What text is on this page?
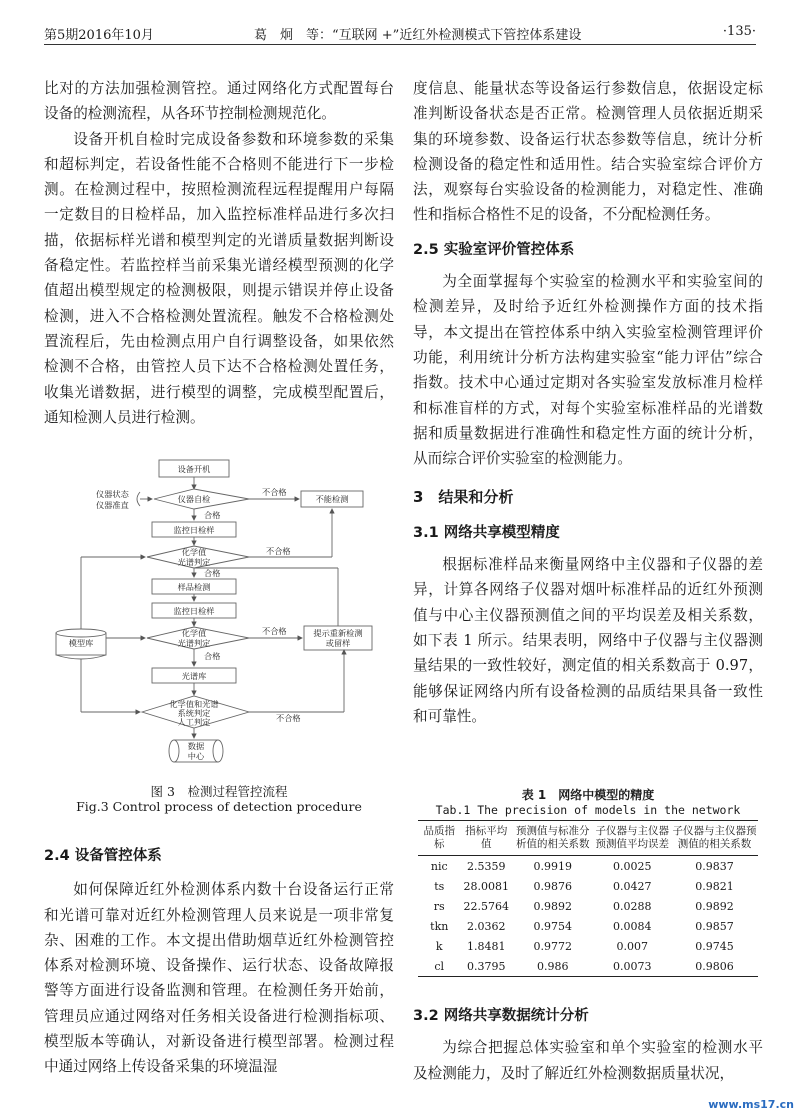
第5期2016年10月	葛　炯　等：“互联网 +”近红外检测模式下管控体系建设	·135·

比对的方法加强检测管控。通过网络化方式配置每台设备的检测流程，从各环节控制检测规范化。

设备开机自检时完成设备参数和环境参数的采集和超标判定，若设备性能不合格则不能进行下一步检测。在检测过程中，按照检测流程远程提醒用户每隔一定数目的日检样品，加入监控标准样品进行多次扫描，依据标样光谱和模型判定的光谱质量数据判断设备稳定性。若监控样当前采集光谱经模型预测的化学值超出模型规定的检测极限，则提示错误并停止设备检测，进入不合格检测处置流程。触发不合格检测处置流程后，先由检测点用户自行调整设备，如果依然检测不合格，由管控人员下达不合格检测处置任务，收集光谱数据，进行模型的调整，完成模型配置后，通知检测人员进行检测。

设备开机
仪器自检
仪器状态
仪器准直
不能检测
不合格
合格
监控日检样
化学值
光谱判定
不合格
合格
样品检测
监控日检样
化学值
光谱判定
不合格	提示重新检测
或留样
合格
模型库
光谱库
化学值和光谱
系统判定
人工判定	不合格
数据
中心
图 3　检测过程管控流程
Fig.3 Control process of detection procedure

2.4 设备管控体系

如何保障近红外检测体系内数十台设备运行正常和光谱可靠对近红外检测管理人员来说是一项非常复杂、困难的工作。本文提出借助烟草近红外检测管控体系对检测环境、设备操作、运行状态、设备故障报警等方面进行设备监测和管理。在检测任务开始前，管理员应通过网络对任务相关设备进行检测指标项、模型版本等确认，对新设备进行模型部署。检测过程中通过网络上传设备采集的环境温湿

度信息、能量状态等设备运行参数信息，依据设定标准判断设备状态是否正常。检测管理人员依据近期采集的环境参数、设备运行状态参数等信息，统计分析检测设备的稳定性和适用性。结合实验室综合评价方法，观察每台实验设备的检测能力，对稳定性、准确性和指标合格性不足的设备，不分配检测任务。

2.5 实验室评价管控体系

为全面掌握每个实验室的检测水平和实验室间的检测差异，及时给予近红外检测操作方面的技术指导，本文提出在管控体系中纳入实验室检测管理评价功能，利用统计分析方法构建实验室“能力评估”综合指数。技术中心通过定期对各实验室发放标准月检样和标准盲样的方式，对每个实验室标准样品的光谱数据和质量数据进行准确性和稳定性方面的统计分析，从而综合评价实验室的检测能力。

3　结果和分析

3.1 网络共享模型精度

根据标准样品来衡量网络中主仪器和子仪器的差异，计算各网络子仪器对烟叶标准样品的近红外预测值与中心主仪器预测值之间的平均误差及相关系数，如下表 1 所示。结果表明，网络中子仪器与主仪器测量结果的一致性较好，测定值的相关系数高于 0.97，能够保证网络内所有设备检测的品质结果具备一致性和可靠性。

表 1　网络中模型的精度
Tab.1 The precision of models in the network
品质指标	指标平均值	预测值与标准分析值的相关系数	子仪器与主仪器预测值平均误差	子仪器与主仪器预测值的相关系数
nic	2.5359	0.9919	0.0025	0.9837
ts	28.0081	0.9876	0.0427	0.9821
rs	22.5764	0.9892	0.0288	0.9892
tkn	2.0362	0.9754	0.0084	0.9857
k	1.8481	0.9772	0.007	0.9745
cl	0.3795	0.986	0.0073	0.9806

3.2 网络共享数据统计分析

为综合把握总体实验室和单个实验室的检测水平及检测能力，及时了解近红外检测数据质量状况，

www.ms17.cn
